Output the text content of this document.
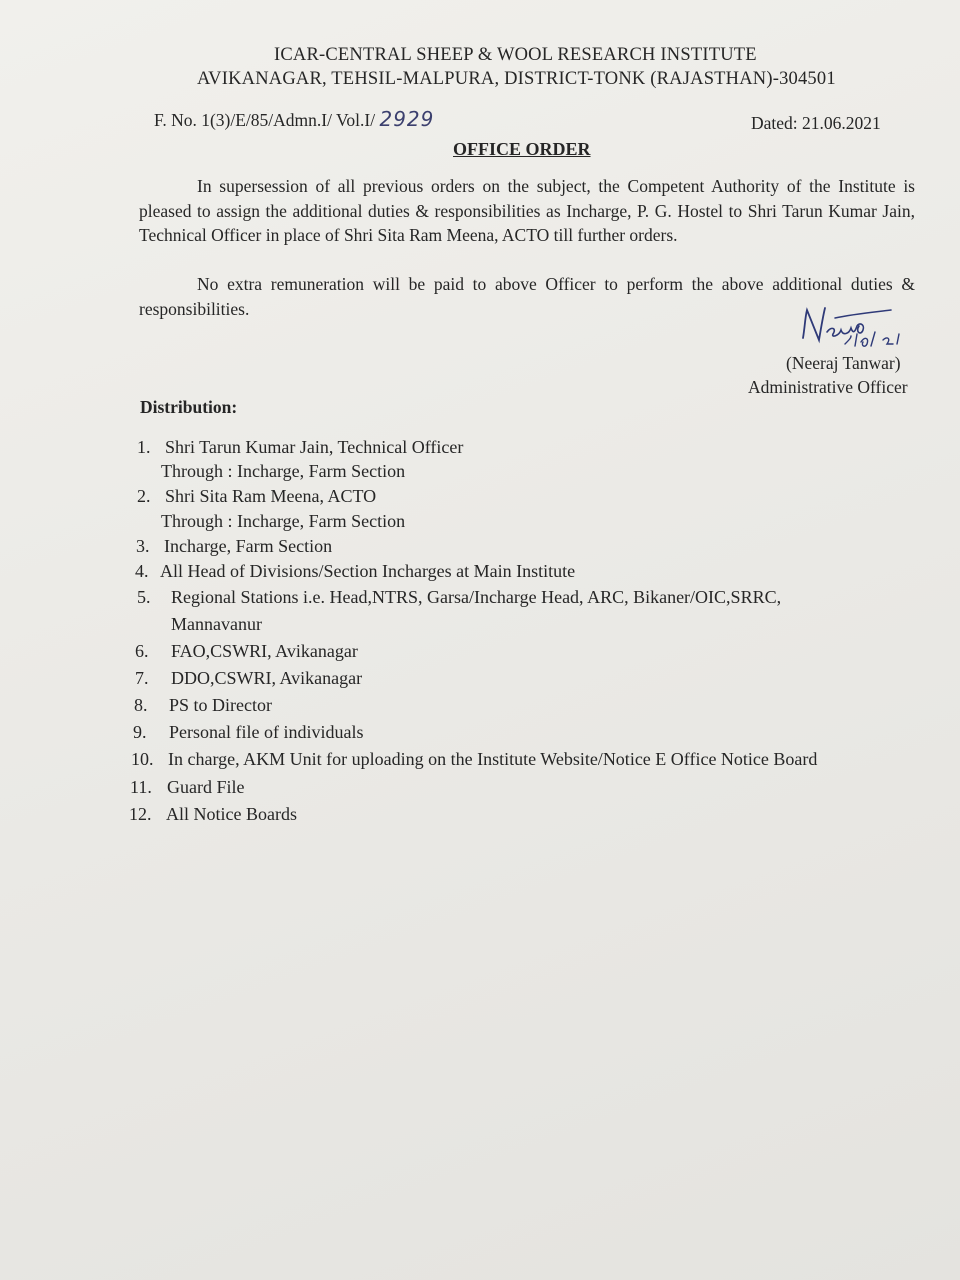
ICAR-CENTRAL SHEEP & WOOL RESEARCH INSTITUTE
AVIKANAGAR, TEHSIL-MALPURA, DISTRICT-TONK (RAJASTHAN)-304501
F. No. 1(3)/E/85/Admn.I/ Vol.I/ 2929	Dated: 21.06.2021
OFFICE ORDER
In supersession of all previous orders on the subject, the Competent Authority of the Institute is pleased to assign the additional duties & responsibilities as Incharge, P. G. Hostel to Shri Tarun Kumar Jain, Technical Officer in place of Shri Sita Ram Meena, ACTO till further orders.
No extra remuneration will be paid to above Officer to perform the above additional duties & responsibilities.
(Neeraj Tanwar)
Administrative Officer
Distribution:
1. Shri Tarun Kumar Jain, Technical Officer
Through : Incharge, Farm Section
2. Shri Sita Ram Meena, ACTO
Through : Incharge, Farm Section
3. Incharge, Farm Section
4. All Head of Divisions/Section Incharges at Main Institute
5. Regional Stations i.e. Head,NTRS, Garsa/Incharge Head, ARC, Bikaner/OIC,SRRC,
Mannavanur
6. FAO,CSWRI, Avikanagar
7. DDO,CSWRI, Avikanagar
8. PS to Director
9. Personal file of individuals
10. In charge, AKM Unit for uploading on the Institute Website/Notice E Office Notice Board
11. Guard File
12. All Notice Boards
